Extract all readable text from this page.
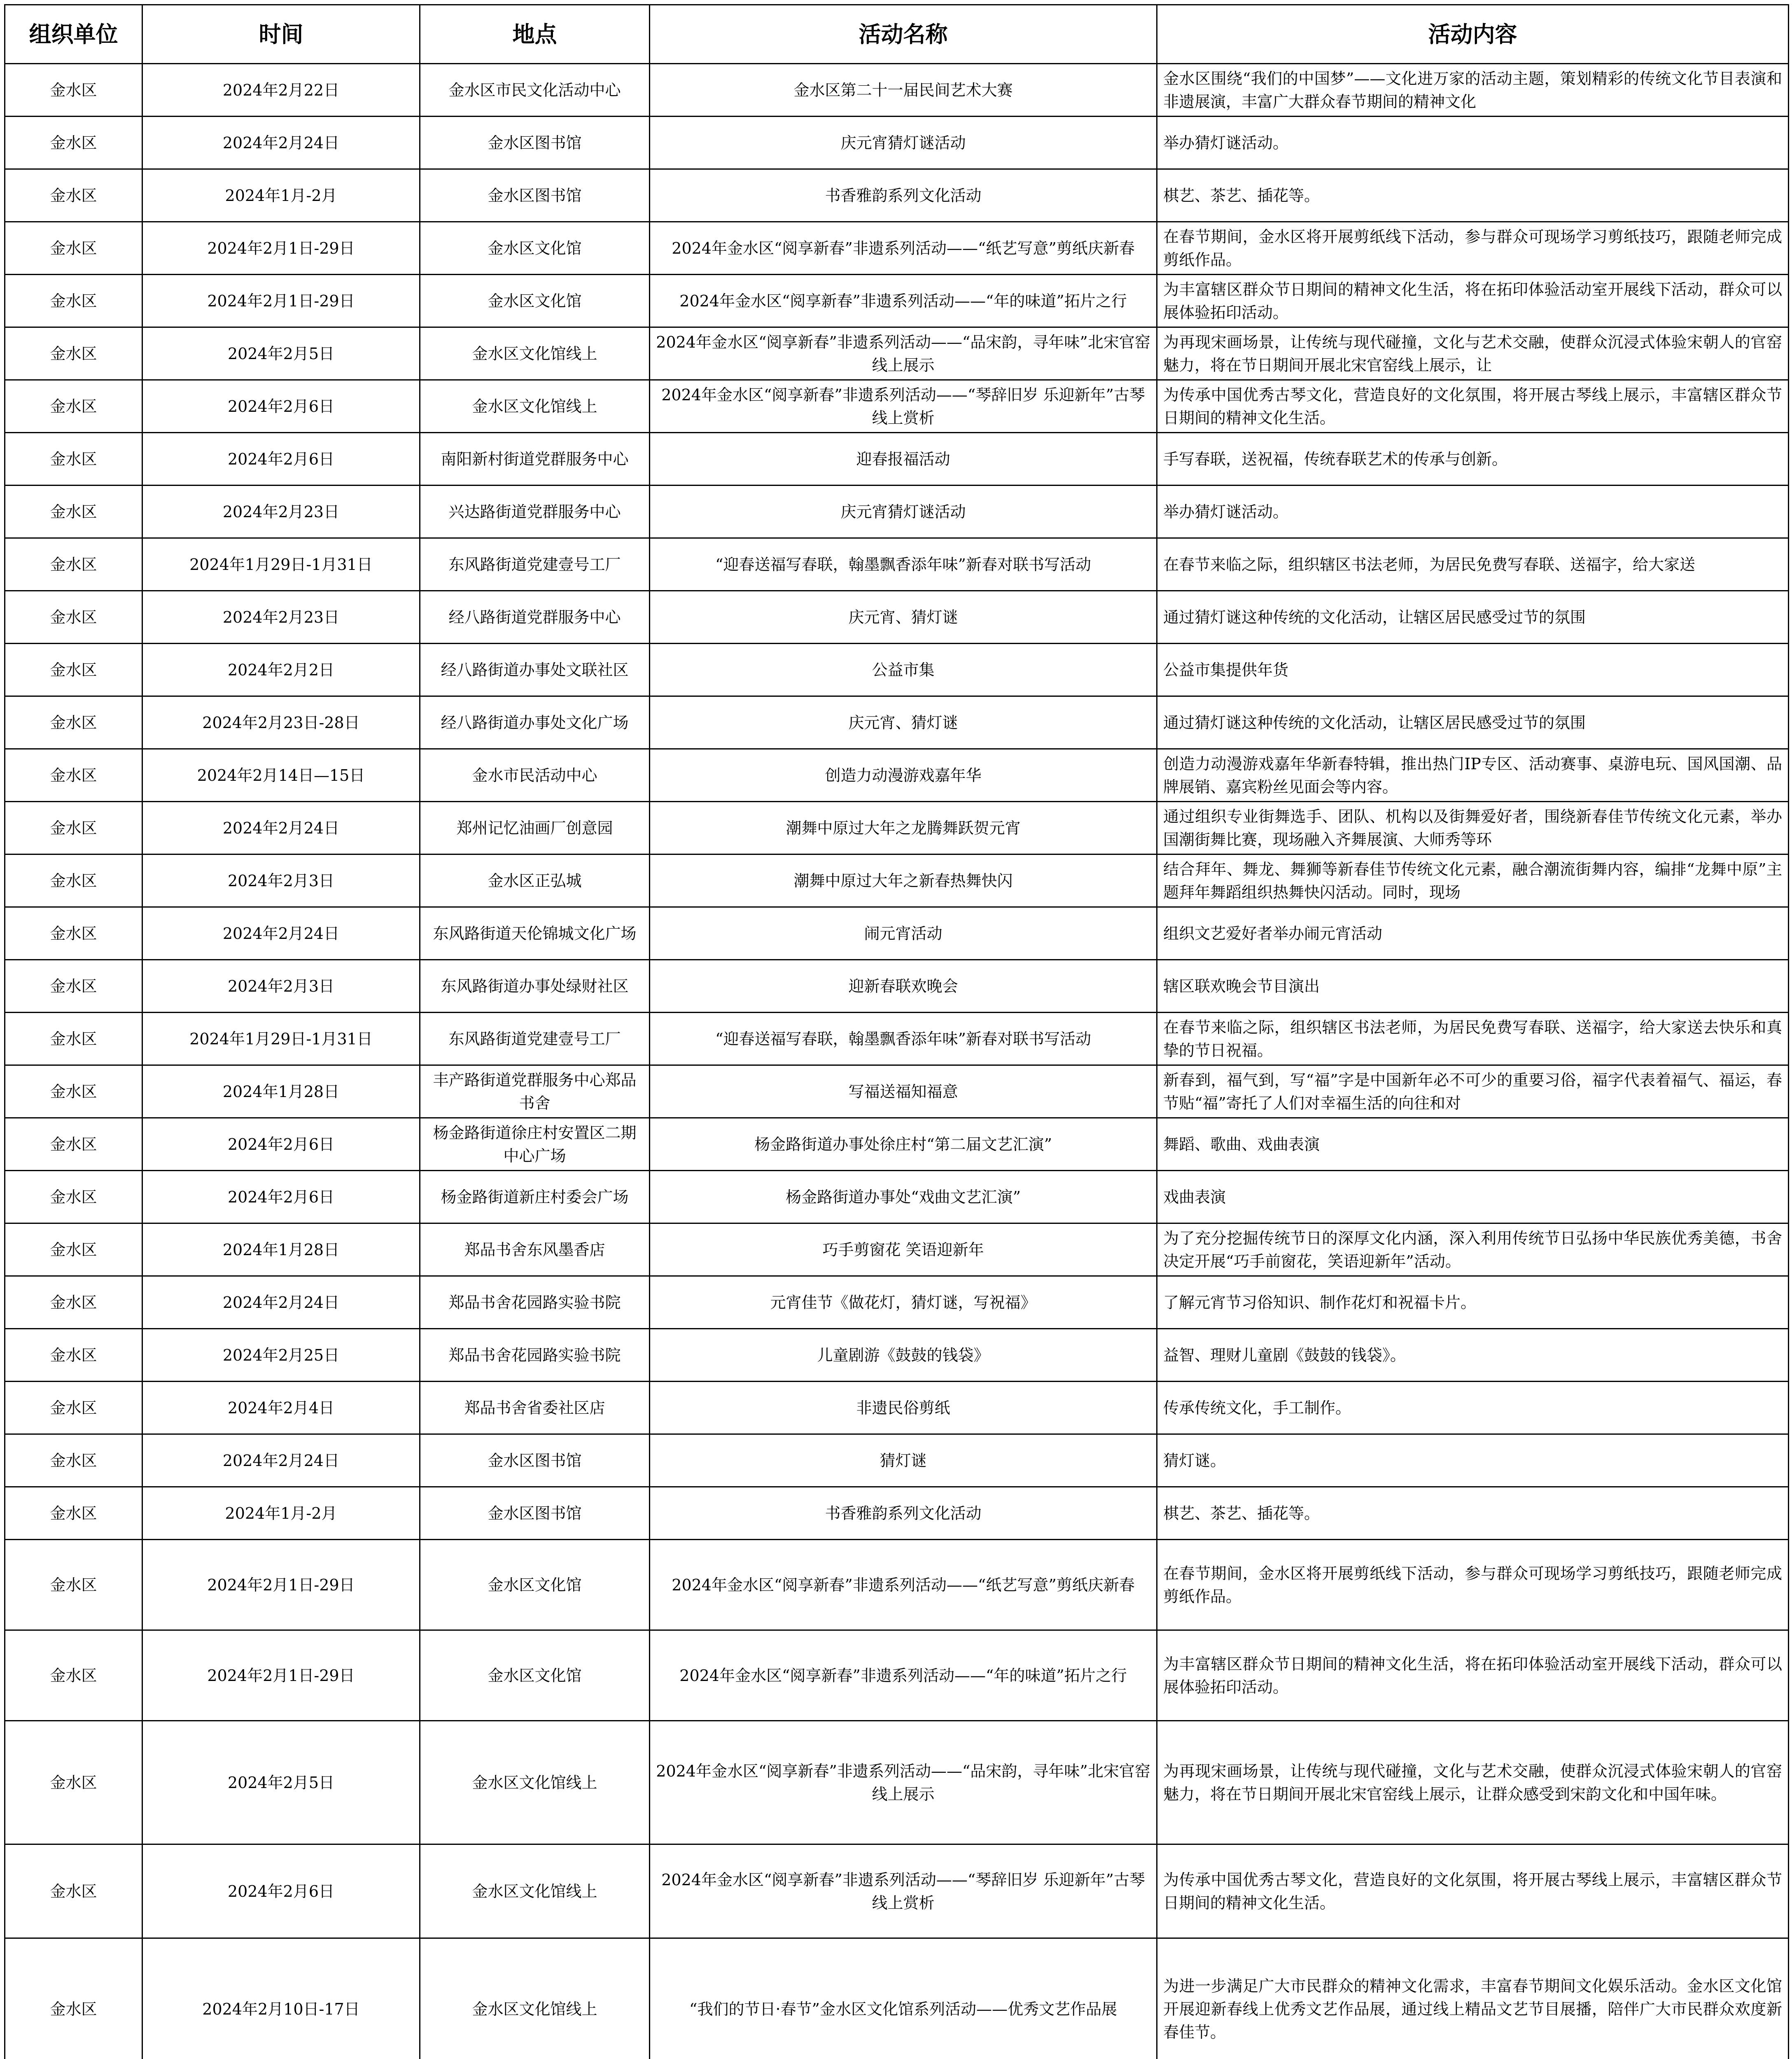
组织单位	时间	地点	活动名称	活动内容
金水区	2024年2月22日	金水区市民文化活动中心	金水区第二十一届民间艺术大赛	金水区围绕“我们的中国梦”——文化进万家的活动主题，策划精彩的传统文化节目表演和非遗展演，丰富广大群众春节期间的精神文化
金水区	2024年2月24日	金水区图书馆	庆元宵猜灯谜活动	举办猜灯谜活动。
金水区	2024年1月-2月	金水区图书馆	书香雅韵系列文化活动	棋艺、茶艺、插花等。
金水区	2024年2月1日-29日	金水区文化馆	2024年金水区“阅享新春”非遗系列活动——“纸艺写意”剪纸庆新春	在春节期间，金水区将开展剪纸线下活动，参与群众可现场学习剪纸技巧，跟随老师完成剪纸作品。
金水区	2024年2月1日-29日	金水区文化馆	2024年金水区“阅享新春”非遗系列活动——“年的味道”拓片之行	为丰富辖区群众节日期间的精神文化生活，将在拓印体验活动室开展线下活动，群众可以展体验拓印活动。
金水区	2024年2月5日	金水区文化馆线上	2024年金水区“阅享新春”非遗系列活动——“品宋韵，寻年味”北宋官窑线上展示	为再现宋画场景，让传统与现代碰撞，文化与艺术交融，使群众沉浸式体验宋朝人的官窑魅力，将在节日期间开展北宋官窑线上展示，让
金水区	2024年2月6日	金水区文化馆线上	2024年金水区“阅享新春”非遗系列活动——“琴辞旧岁 乐迎新年”古琴线上赏析	为传承中国优秀古琴文化，营造良好的文化氛围，将开展古琴线上展示，丰富辖区群众节日期间的精神文化生活。
金水区	2024年2月6日	南阳新村街道党群服务中心	迎春报福活动	手写春联，送祝福，传统春联艺术的传承与创新。
金水区	2024年2月23日	兴达路街道党群服务中心	庆元宵猜灯谜活动	举办猜灯谜活动。
金水区	2024年1月29日-1月31日	东风路街道党建壹号工厂	“迎春送福写春联，翰墨飘香添年味”新春对联书写活动	在春节来临之际，组织辖区书法老师，为居民免费写春联、送福字，给大家送
金水区	2024年2月23日	经八路街道党群服务中心	庆元宵、猜灯谜	通过猜灯谜这种传统的文化活动，让辖区居民感受过节的氛围
金水区	2024年2月2日	经八路街道办事处文联社区	公益市集	公益市集提供年货
金水区	2024年2月23日-28日	经八路街道办事处文化广场	庆元宵、猜灯谜	通过猜灯谜这种传统的文化活动，让辖区居民感受过节的氛围
金水区	2024年2月14日—15日	金水市民活动中心	创造力动漫游戏嘉年华	创造力动漫游戏嘉年华新春特辑，推出热门IP专区、活动赛事、桌游电玩、国风国潮、品牌展销、嘉宾粉丝见面会等内容。
金水区	2024年2月24日	郑州记忆油画厂创意园	潮舞中原过大年之龙腾舞跃贺元宵	通过组织专业街舞选手、团队、机构以及街舞爱好者，围绕新春佳节传统文化元素，举办国潮街舞比赛，现场融入齐舞展演、大师秀等环
金水区	2024年2月3日	金水区正弘城	潮舞中原过大年之新春热舞快闪	结合拜年、舞龙、舞狮等新春佳节传统文化元素，融合潮流街舞内容，编排“龙舞中原”主题拜年舞蹈组织热舞快闪活动。同时，现场
金水区	2024年2月24日	东风路街道天伦锦城文化广场	闹元宵活动	组织文艺爱好者举办闹元宵活动
金水区	2024年2月3日	东风路街道办事处绿财社区	迎新春联欢晚会	辖区联欢晚会节目演出
金水区	2024年1月29日-1月31日	东风路街道党建壹号工厂	“迎春送福写春联，翰墨飘香添年味”新春对联书写活动	在春节来临之际，组织辖区书法老师，为居民免费写春联、送福字，给大家送去快乐和真挚的节日祝福。
金水区	2024年1月28日	丰产路街道党群服务中心郑品书舍	写福送福知福意	新春到，福气到，写“福”字是中国新年必不可少的重要习俗，福字代表着福气、福运，春节贴“福”寄托了人们对幸福生活的向往和对
金水区	2024年2月6日	杨金路街道徐庄村安置区二期中心广场	杨金路街道办事处徐庄村“第二届文艺汇演”	舞蹈、歌曲、戏曲表演
金水区	2024年2月6日	杨金路街道新庄村委会广场	杨金路街道办事处“戏曲文艺汇演”	戏曲表演
金水区	2024年1月28日	郑品书舍东风墨香店	巧手剪窗花 笑语迎新年	为了充分挖掘传统节日的深厚文化内涵，深入利用传统节日弘扬中华民族优秀美德，书舍决定开展“巧手前窗花，笑语迎新年”活动。
金水区	2024年2月24日	郑品书舍花园路实验书院	元宵佳节《做花灯，猜灯谜，写祝福》	了解元宵节习俗知识、制作花灯和祝福卡片。
金水区	2024年2月25日	郑品书舍花园路实验书院	儿童剧游《鼓鼓的钱袋》	益智、理财儿童剧《鼓鼓的钱袋》。
金水区	2024年2月4日	郑品书舍省委社区店	非遗民俗剪纸	传承传统文化，手工制作。
金水区	2024年2月24日	金水区图书馆	猜灯谜	猜灯谜。
金水区	2024年1月-2月	金水区图书馆	书香雅韵系列文化活动	棋艺、茶艺、插花等。
金水区	2024年2月1日-29日	金水区文化馆	2024年金水区“阅享新春”非遗系列活动——“纸艺写意”剪纸庆新春	在春节期间，金水区将开展剪纸线下活动，参与群众可现场学习剪纸技巧，跟随老师完成剪纸作品。
金水区	2024年2月1日-29日	金水区文化馆	2024年金水区“阅享新春”非遗系列活动——“年的味道”拓片之行	为丰富辖区群众节日期间的精神文化生活，将在拓印体验活动室开展线下活动，群众可以展体验拓印活动。
金水区	2024年2月5日	金水区文化馆线上	2024年金水区“阅享新春”非遗系列活动——“品宋韵，寻年味”北宋官窑线上展示	为再现宋画场景，让传统与现代碰撞，文化与艺术交融，使群众沉浸式体验宋朝人的官窑魅力，将在节日期间开展北宋官窑线上展示，让群众感受到宋韵文化和中国年味。
金水区	2024年2月6日	金水区文化馆线上	2024年金水区“阅享新春”非遗系列活动——“琴辞旧岁 乐迎新年”古琴线上赏析	为传承中国优秀古琴文化，营造良好的文化氛围，将开展古琴线上展示，丰富辖区群众节日期间的精神文化生活。
金水区	2024年2月10日-17日	金水区文化馆线上	“我们的节日·春节”金水区文化馆系列活动——优秀文艺作品展	为进一步满足广大市民群众的精神文化需求，丰富春节期间文化娱乐活动。金水区文化馆开展迎新春线上优秀文艺作品展，通过线上精品文艺节目展播，陪伴广大市民群众欢度新春佳节。
